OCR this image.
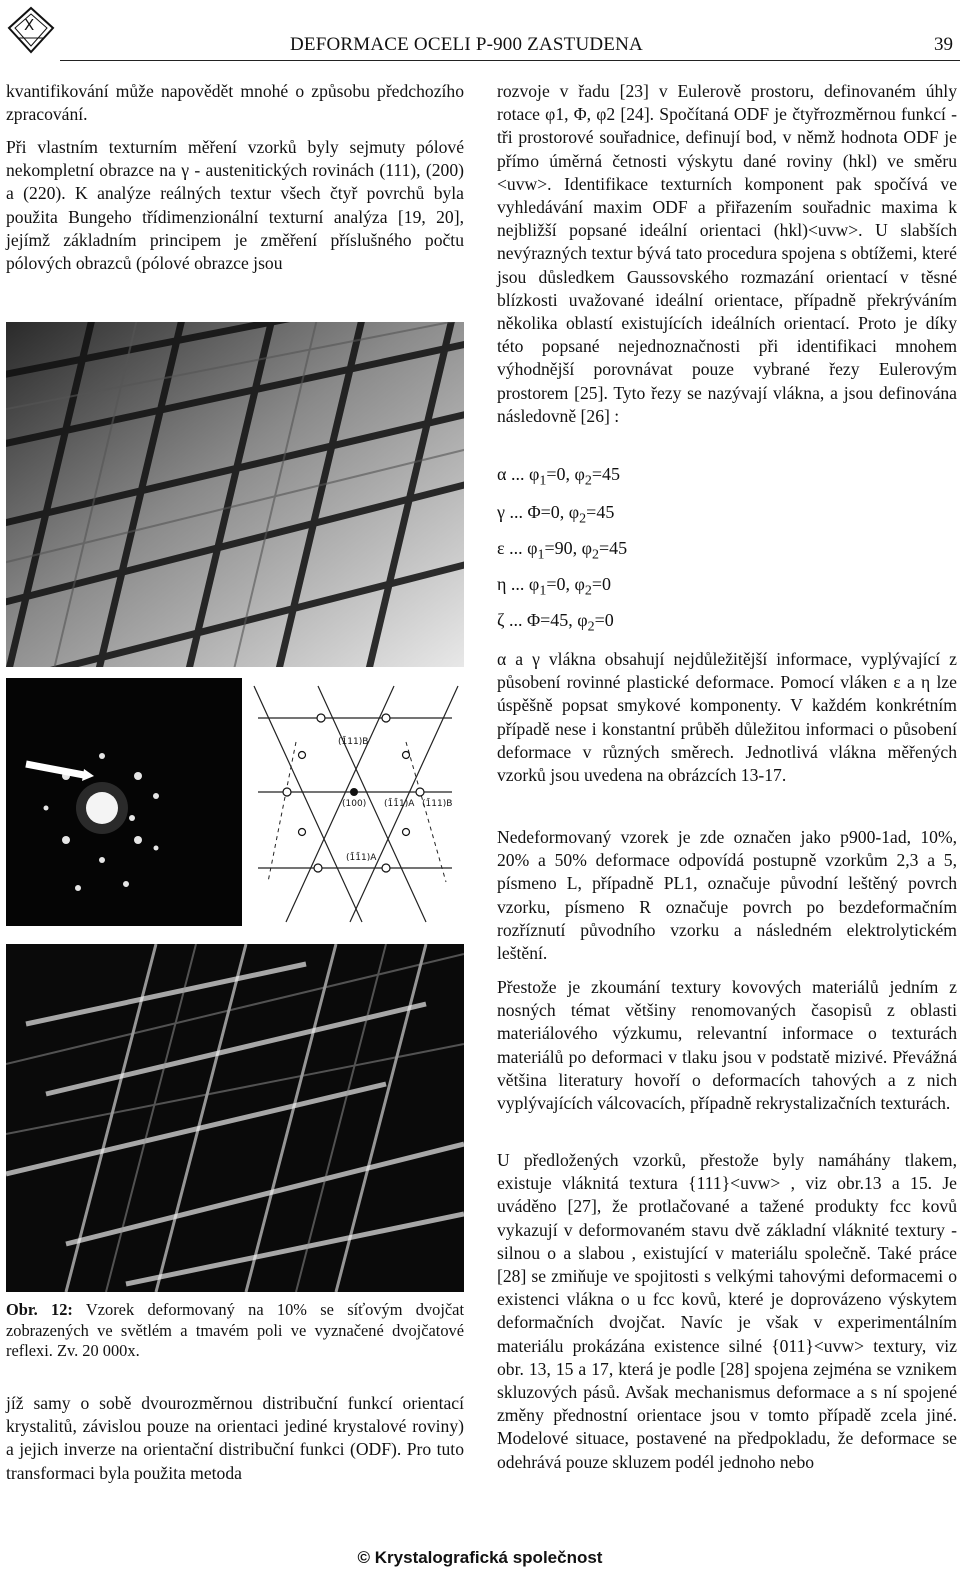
X
DEFORMACE OCELI P-900 ZASTUDENA	39

kvantifikování může napovědět mnohé o způsobu předchozího zpracování.

Při vlastním texturním měření vzorků byly sejmuty pólové nekompletní obrazce na γ - austenitických rovinách (111), (200) a (220). K analýze reálných textur všech čtyř povrchů byla použita Bungeho třídimenzionální texturní analýza [19, 20], jejímž základním principem je změření příslušného počtu pólových obrazců (pólové obrazce jsou

(1̄11)B
(100) (1̄1̄1)A (1̄11)B
(1̄1̄1)A
Obr. 12: Vzorek deformovaný na 10% se síťovým dvojčat zobrazených ve světlém a tmavém poli ve vyznačené dvojčatové reflexi. Zv. 20 000x.

jíž samy o sobě dvourozměrnou distribuční funkcí orientací krystalitů, závislou pouze na orientaci jediné krystalové roviny) a jejich inverze na orientační distribuční funkci (ODF). Pro tuto transformaci byla použita metoda

rozvoje v řadu [23] v Eulerově prostoru, definovaném úhly rotace φ1, Φ, φ2 [24]. Spočítaná ODF je čtyřrozměrnou funkcí - tři prostorové souřadnice, definují bod, v němž hodnota ODF je přímo úměrná četnosti výskytu dané roviny (hkl) ve směru <uvw>. Identifikace texturních komponent pak spočívá ve vyhledávání maxim ODF a přiřazením souřadnic maxima k nejbližší popsané ideální orientaci (hkl)<uvw>. U slabších nevýrazných textur bývá tato procedura spojena s obtížemi, které jsou důsledkem Gaussovského rozmazání orientací v těsné blízkosti uvažované ideální orientace, případně překrýváním několika oblastí existujících ideálních orientací. Proto je díky této popsané nejednoznačnosti při identifikaci mnohem výhodnější porovnávat pouze vybrané řezy Eulerovým prostorem [25]. Tyto řezy se nazývají vlákna, a jsou definována následovně [26] :

α ... $\varphi_1=0$, $\varphi_2=45$
γ ... Φ=0, $\varphi_2=45$
ε ... $\varphi_1=90$, $\varphi_2=45$
η ... $\varphi_1=0$, $\varphi_2=0$
ζ ... Φ=45, $\varphi_2=0$

α a γ vlákna obsahují nejdůležitější informace, vyplývající z působení rovinné plastické deformace. Pomocí vláken ε a η lze úspěšně popsat smykové komponenty. V každém konkrétním případě nese i konstantní průběh důležitou informaci o působení deformace v různých směrech. Jednotlivá vlákna měřených vzorků jsou uvedena na obrázcích 13-17.

Nedeformovaný vzorek je zde označen jako p900-1ad, 10%, 20% a 50% deformace odpovídá postupně vzorkům 2,3 a 5, písmeno L, případně PL1, označuje původní leštěný povrch vzorku, písmeno R označuje povrch po bezdeformačním rozříznutí původního vzorku a následném elektrolytickém leštění.

Přestože je zkoumání textury kovových materiálů jedním z nosných témat většiny renomovaných časopisů z oblasti materiálového výzkumu, relevantní informace o texturách materiálů po deformaci v tlaku jsou v podstatě mizivé. Převážná většina literatury hovoří o deformacích tahových a z nich vyplývajících válcovacích, případně rekrystalizačních texturách.

U předložených vzorků, přestože byly namáhány tlakem, existuje vláknitá textura {111}<uvw> , viz obr.13 a 15. Je uváděno [27], že protlačované a tažené produkty fcc kovů vykazují v deformovaném stavu dvě základní vláknité textury - silnou o a slabou , existující v materiálu společně. Také práce [28] se zmiňuje ve spojitosti s velkými tahovými deformacemi o existenci vlákna o u fcc kovů, které je doprovázeno výskytem deformačních dvojčat. Navíc je však v experimentálním materiálu prokázána existence silné {011}<uvw> textury, viz obr. 13, 15 a 17, která je podle [28] spojena zejména se vznikem skluzových pásů. Avšak mechanismus deformace a s ní spojené změny přednostní orientace jsou v tomto případě zcela jiné. Modelové situace, postavené na předpokladu, že deformace se odehrává pouze skluzem podél jednoho nebo

© Krystalografická společnost
